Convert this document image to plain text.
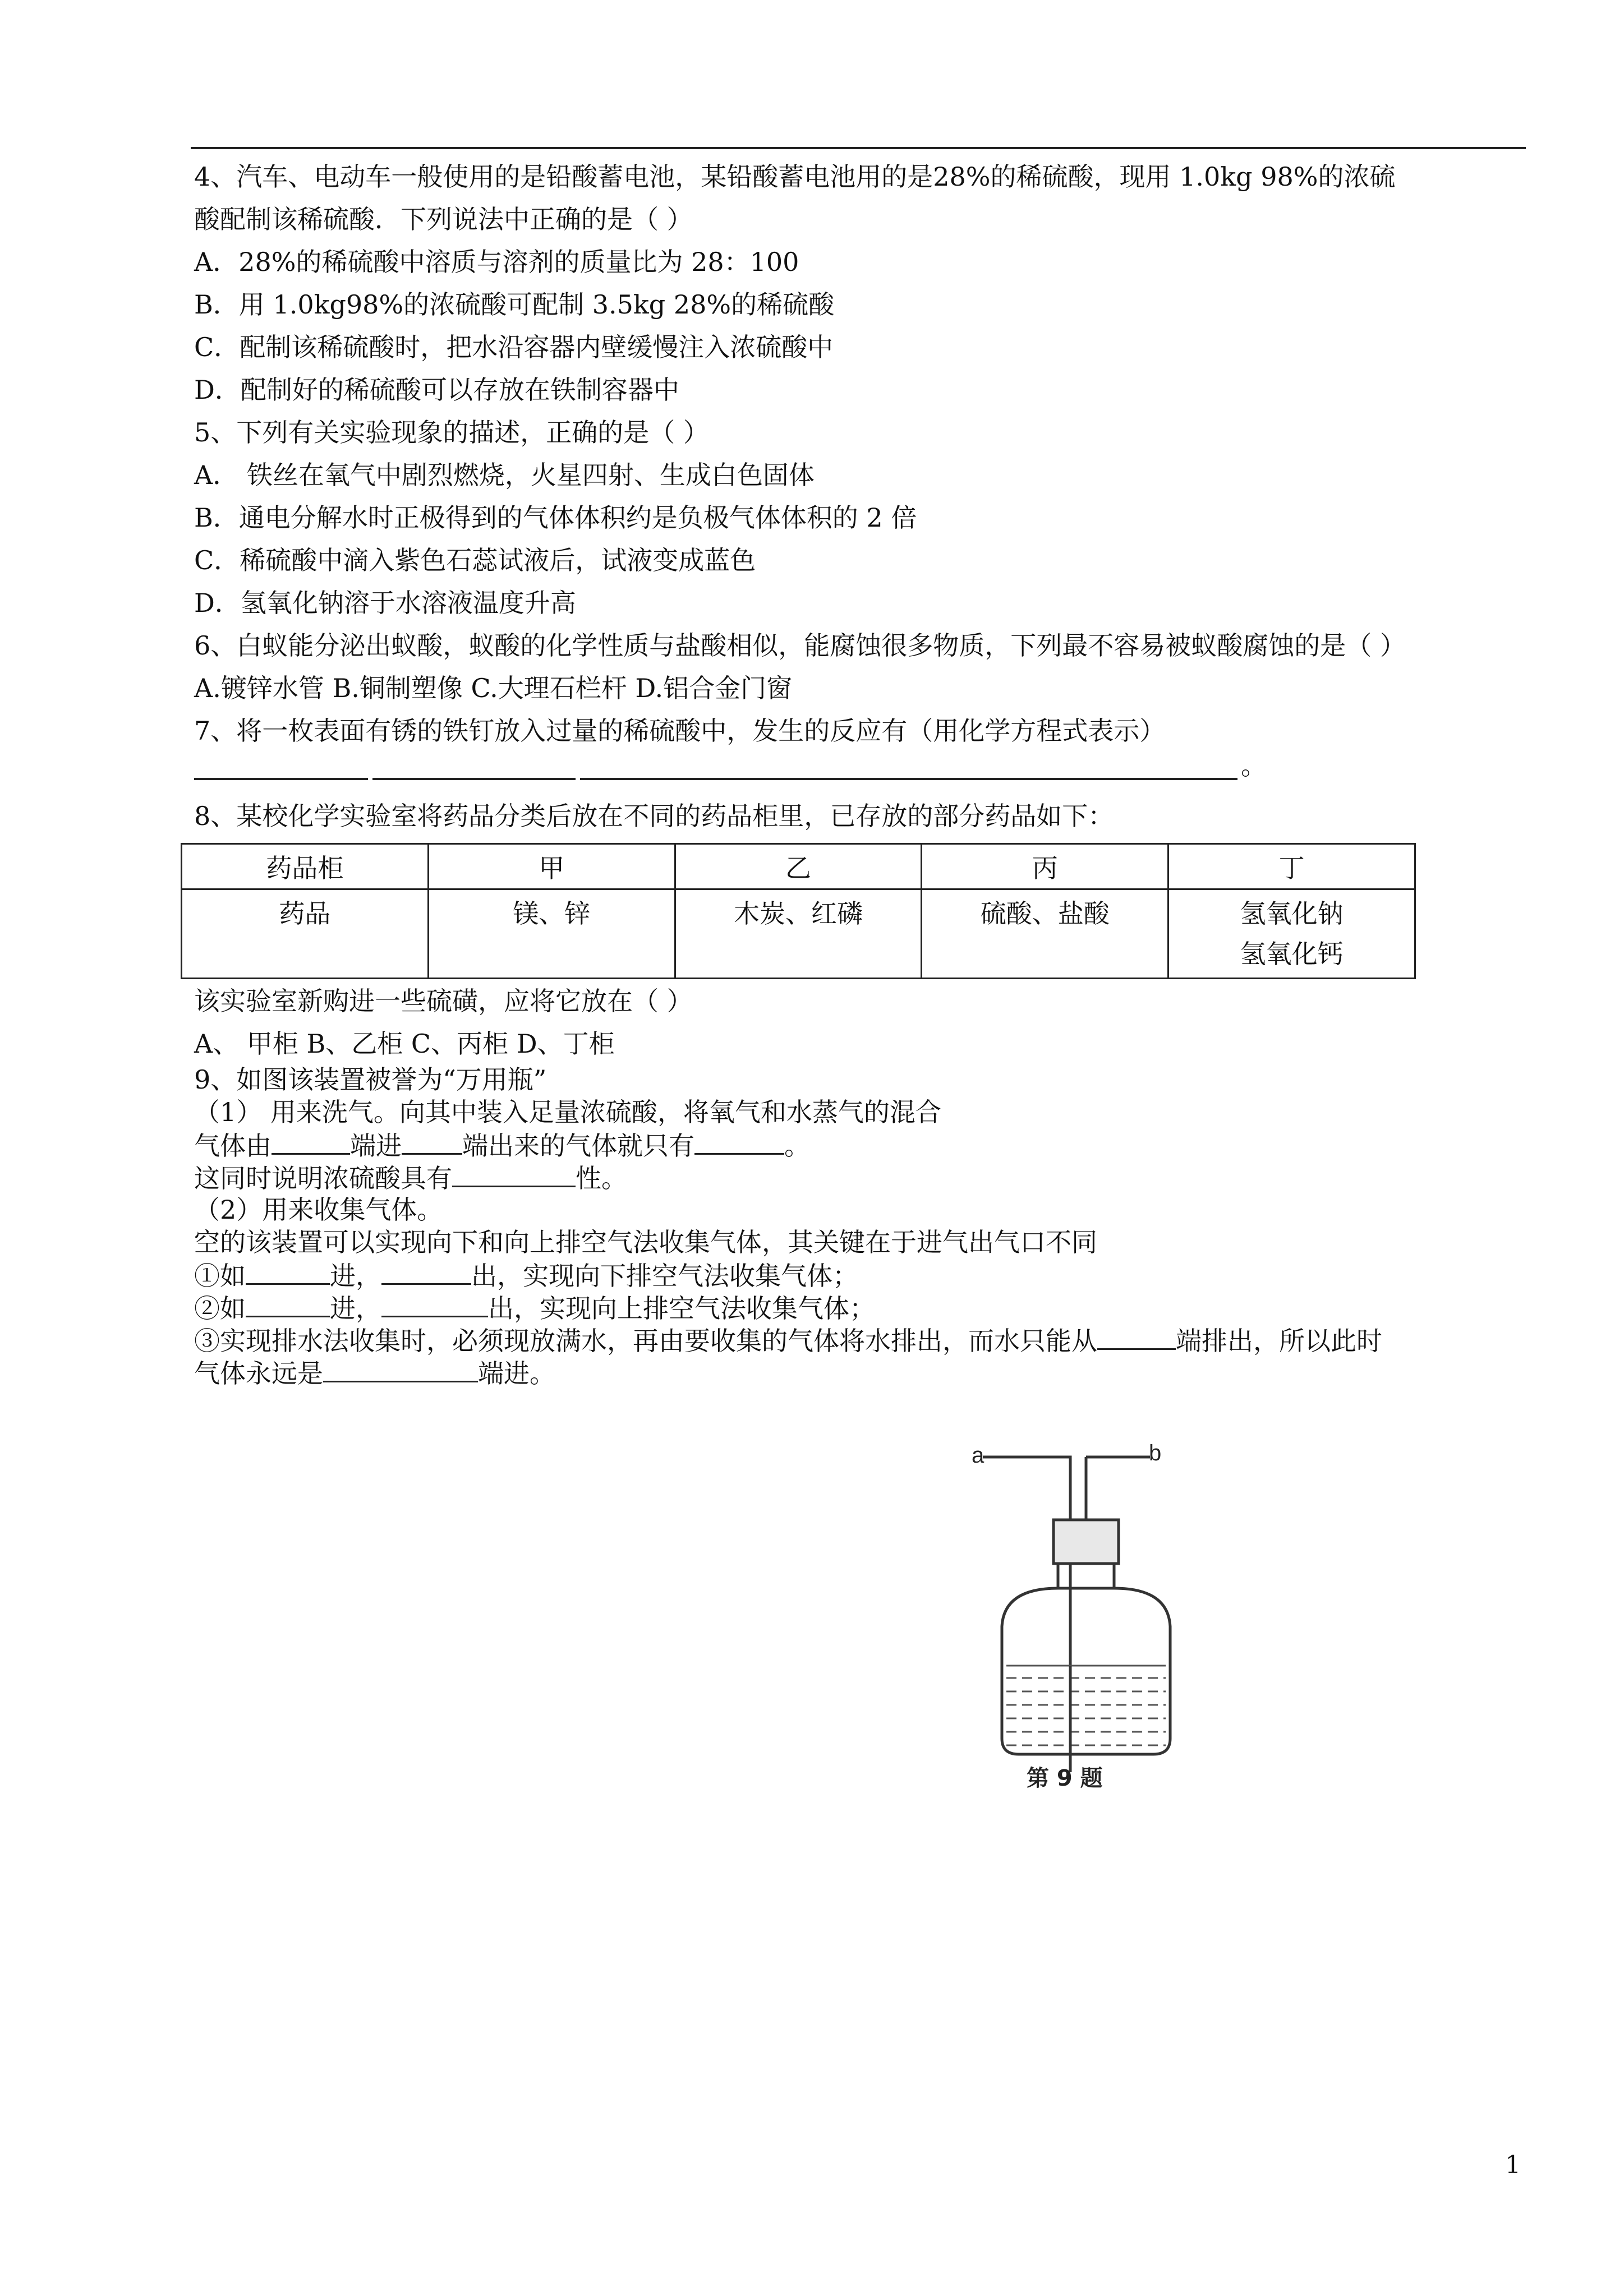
4、汽车、电动车一般使用的是铅酸蓄电池，某铅酸蓄电池用的是28%的稀硫酸，现用 1.0kg 98%的浓硫
酸配制该稀硫酸．下列说法中正确的是（ ）
A．28%的稀硫酸中溶质与溶剂的质量比为 28：100
B．用 1.0kg98%的浓硫酸可配制 3.5kg 28%的稀硫酸
C．配制该稀硫酸时，把水沿容器内壁缓慢注入浓硫酸中
D．配制好的稀硫酸可以存放在铁制容器中
5、下列有关实验现象的描述，正确的是（ ）
A． 铁丝在氧气中剧烈燃烧，火星四射、生成白色固体
B．通电分解水时正极得到的气体体积约是负极气体体积的 2 倍
C．稀硫酸中滴入紫色石蕊试液后，试液变成蓝色
D．氢氧化钠溶于水溶液温度升高
6、白蚁能分泌出蚁酸，蚁酸的化学性质与盐酸相似，能腐蚀很多物质，下列最不容易被蚁酸腐蚀的是（ ）
A.镀锌水管 B.铜制塑像 C.大理石栏杆 D.铝合金门窗
7、将一枚表面有锈的铁钉放入过量的稀硫酸中，发生的反应有（用化学方程式表示）
。
8、某校化学实验室将药品分类后放在不同的药品柜里，已存放的部分药品如下：
药品柜	甲	乙	丙	丁
药品	镁、锌	木炭、红磷	硫酸、盐酸	氢氧化钠
氢氧化钙
该实验室新购进一些硫磺，应将它放在（ ）
A、 甲柜 B、乙柜 C、丙柜 D、丁柜
9、如图该装置被誉为“万用瓶”
（1） 用来洗气。向其中装入足量浓硫酸，将氧气和水蒸气的混合
气体由	端进 端出来的气体就只有	。
这同时说明浓硫酸具有	性。
（2）用来收集气体。
空的该装置可以实现向下和向上排空气法收集气体，其关键在于进气出气口不同
①如	进，	出，实现向下排空气法收集气体；
②如	进，	出，实现向上排空气法收集气体；
③实现排水法收集时，必须现放满水，再由要收集的气体将水排出，而水只能从	端排出，所以此时
气体永远是	端进。
a	b
第 9 题
1
